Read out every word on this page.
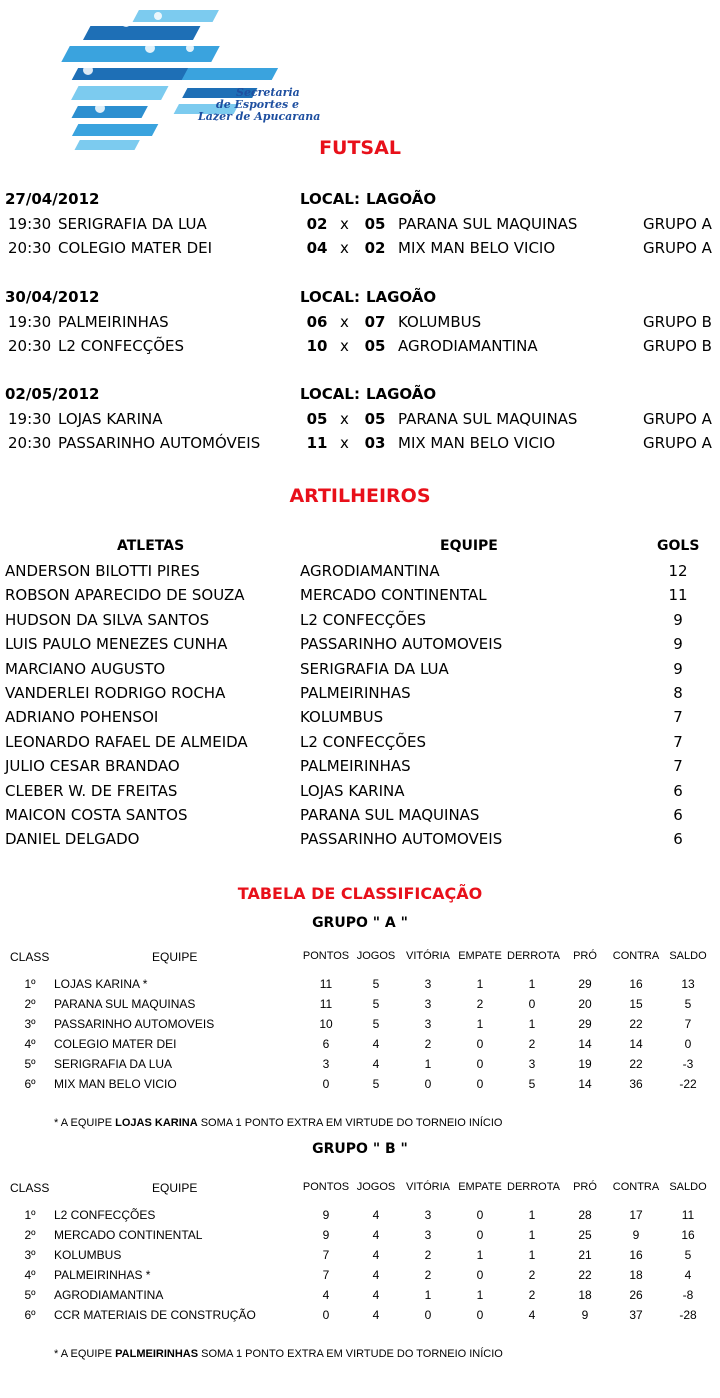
Secretaria
de Esportes e
Lazer de Apucarana
FUTSAL
27/04/2012	LOCAL: LAGOÃO
19:30 SERIGRAFIA DA LUA	02 x 05 PARANA SUL MAQUINAS	GRUPO A
20:30 COLEGIO MATER DEI	04 x 02 MIX MAN BELO VICIO	GRUPO A
30/04/2012	LOCAL: LAGOÃO
19:30 PALMEIRINHAS	06 x 07 KOLUMBUS	GRUPO B
20:30 L2 CONFECÇÕES	10 x 05 AGRODIAMANTINA	GRUPO B
02/05/2012	LOCAL: LAGOÃO
19:30 LOJAS KARINA	05 x 05 PARANA SUL MAQUINAS	GRUPO A
20:30 PASSARINHO AUTOMÓVEIS	11 x 03 MIX MAN BELO VICIO	GRUPO A
ARTILHEIROS
ATLETAS	EQUIPE	GOLS
ANDERSON BILOTTI PIRES	AGRODIAMANTINA	12
ROBSON APARECIDO DE SOUZA	MERCADO CONTINENTAL	11
HUDSON DA SILVA SANTOS	L2 CONFECÇÕES	9
LUIS PAULO MENEZES CUNHA	PASSARINHO AUTOMOVEIS	9
MARCIANO AUGUSTO	SERIGRAFIA DA LUA	9
VANDERLEI RODRIGO ROCHA	PALMEIRINHAS	8
ADRIANO POHENSOI	KOLUMBUS	7
LEONARDO RAFAEL DE ALMEIDA	L2 CONFECÇÕES	7
JULIO CESAR BRANDAO	PALMEIRINHAS	7
CLEBER W. DE FREITAS	LOJAS KARINA	6
MAICON COSTA SANTOS	PARANA SUL MAQUINAS	6
DANIEL DELGADO	PASSARINHO AUTOMOVEIS	6
TABELA DE CLASSIFICAÇÃO
GRUPO " A "
GRUPO " B "
CLASS	EQUIPE	PONTOS JOGOS VITÓRIA EMPATE DERROTA	PRÓ	CONTRA SALDO
1º	LOJAS KARINA *	11	5	3	1	1	29	16	13
2º	PARANA SUL MAQUINAS	11	5	3	2	0	20	15	5
3º	PASSARINHO AUTOMOVEIS	10	5	3	1	1	29	22	7
4º	COLEGIO MATER DEI	6	4	2	0	2	14	14	0
5º	SERIGRAFIA DA LUA	3	4	1	0	3	19	22	-3
6º	MIX MAN BELO VICIO	0	5	0	0	5	14	36	-22
CLASS	EQUIPE	PONTOS JOGOS VITÓRIA EMPATE DERROTA	PRÓ	CONTRA SALDO
1º	L2 CONFECÇÕES	9	4	3	0	1	28	17	11
2º	MERCADO CONTINENTAL	9	4	3	0	1	25	9	16
3º	KOLUMBUS	7	4	2	1	1	21	16	5
4º	PALMEIRINHAS *	7	4	2	0	2	22	18	4
5º	AGRODIAMANTINA	4	4	1	1	2	18	26	-8
6º	CCR MATERIAIS DE CONSTRUÇÃO	0	4	0	0	4	9	37	-28
* A EQUIPE LOJAS KARINA SOMA 1 PONTO EXTRA EM VIRTUDE DO TORNEIO INÍCIO
* A EQUIPE PALMEIRINHAS SOMA 1 PONTO EXTRA EM VIRTUDE DO TORNEIO INÍCIO
